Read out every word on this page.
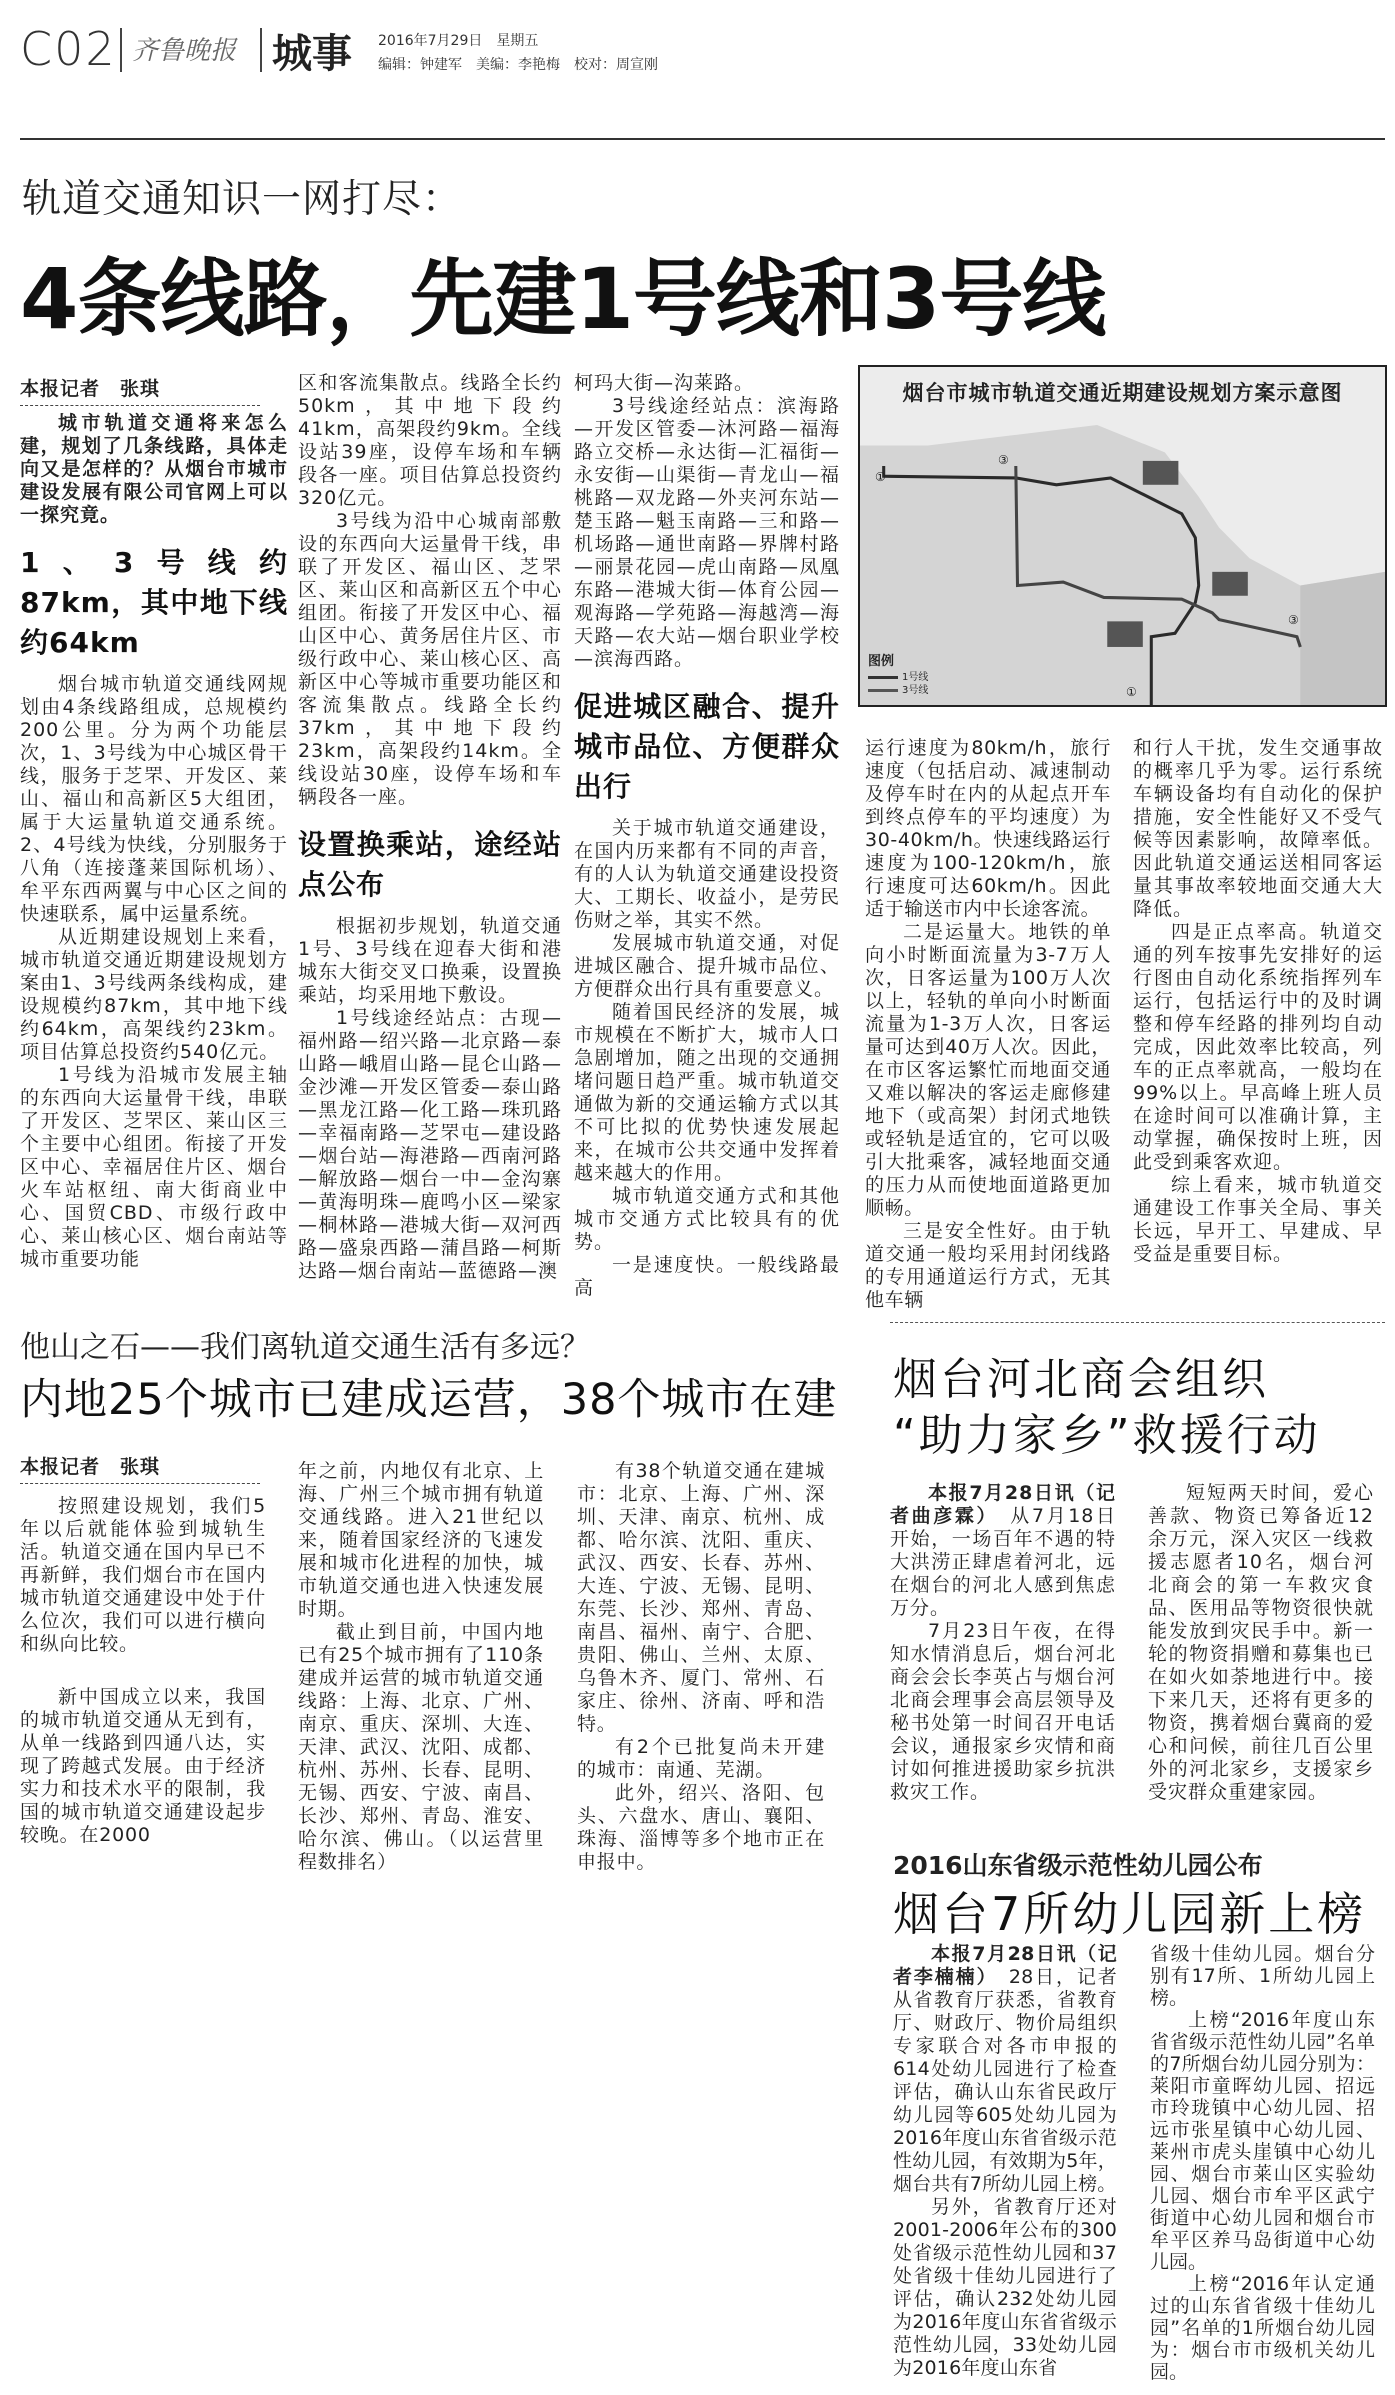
C02 齐鲁晚报 城事 2016年7月29日　星期五
编辑：钟建军　美编：李艳梅　校对：周宣刚
轨道交通知识一网打尽：
4条线路，先建1号线和3号线
本报记者　张琪

城市轨道交通将来怎么建，规划了几条线路，具体走向又是怎样的？从烟台市城市建设发展有限公司官网上可以一探究竟。

1、3号线约87km，其中地下线约64km

烟台城市轨道交通线网规划由4条线路组成，总规模约200公里。分为两个功能层次，1、3号线为中心城区骨干线，服务于芝罘、开发区、莱山、福山和高新区5大组团，属于大运量轨道交通系统。2、4号线为快线，分别服务于八角（连接蓬莱国际机场）、牟平东西两翼与中心区之间的快速联系，属中运量系统。

从近期建设规划上来看，城市轨道交通近期建设规划方案由1、3号线两条线构成，建设规模约87km，其中地下线约64km，高架线约23km。项目估算总投资约540亿元。

1号线为沿城市发展主轴的东西向大运量骨干线，串联了开发区、芝罘区、莱山区三个主要中心组团。衔接了开发区中心、幸福居住片区、烟台火车站枢纽、南大街商业中心、国贸CBD、市级行政中心、莱山核心区、烟台南站等城市重要功能

区和客流集散点。线路全长约50km，其中地下段约41km，高架段约9km。全线设站39座，设停车场和车辆段各一座。项目估算总投资约320亿元。

3号线为沿中心城南部敷设的东西向大运量骨干线，串联了开发区、福山区、芝罘区、莱山区和高新区五个中心组团。衔接了开发区中心、福山区中心、黄务居住片区、市级行政中心、莱山核心区、高新区中心等城市重要功能区和客流集散点。线路全长约37km，其中地下段约23km，高架段约14km。全线设站30座，设停车场和车辆段各一座。

设置换乘站，途经站点公布

根据初步规划，轨道交通1号、3号线在迎春大街和港城东大街交叉口换乘，设置换乘站，均采用地下敷设。

1号线途经站点：古现—福州路—绍兴路—北京路—泰山路—峨眉山路—昆仑山路—金沙滩—开发区管委—泰山路—黑龙江路—化工路—珠玑路—幸福南路—芝罘屯—建设路—烟台站—海港路—西南河路—解放路—烟台一中—金沟寨—黄海明珠—鹿鸣小区—梁家—桐林路—港城大街—双河西路—盛泉西路—蒲昌路—柯斯达路—烟台南站—蓝德路—澳

柯玛大街—沟莱路。

3号线途经站点：滨海路—开发区管委—沐河路—福海路立交桥—永达街—汇福街—永安街—山渠街—青龙山—福桃路—双龙路—外夹河东站—楚玉路—魁玉南路—三和路—机场路—通世南路—界牌村路—丽景花园—虎山南路—凤凰东路—港城大街—体育公园—观海路—学苑路—海越湾—海天路—农大站—烟台职业学校—滨海西路。

促进城区融合、提升城市品位、方便群众出行

关于城市轨道交通建设，在国内历来都有不同的声音，有的人认为轨道交通建设投资大、工期长、收益小，是劳民伤财之举，其实不然。

发展城市轨道交通，对促进城区融合、提升城市品位、方便群众出行具有重要意义。

随着国民经济的发展，城市规模在不断扩大，城市人口急剧增加，随之出现的交通拥堵问题日趋严重。城市轨道交通做为新的交通运输方式以其不可比拟的优势快速发展起来，在城市公共交通中发挥着越来越大的作用。

城市轨道交通方式和其他城市交通方式比较具有的优势。

一是速度快。一般线路最高

运行速度为80km/h，旅行速度（包括启动、减速制动及停车时在内的从起点开车到终点停车的平均速度）为30-40km/h。快速线路运行速度为100-120km/h，旅行速度可达60km/h。因此适于输送市内中长途客流。

二是运量大。地铁的单向小时断面流量为3-7万人次，日客运量为100万人次以上，轻轨的单向小时断面流量为1-3万人次，日客运量可达到40万人次。因此，在市区客运繁忙而地面交通又难以解决的客运走廊修建地下（或高架）封闭式地铁或轻轨是适宜的，它可以吸引大批乘客，减轻地面交通的压力从而使地面道路更加顺畅。

三是安全性好。由于轨道交通一般均采用封闭线路的专用通道运行方式，无其他车辆

和行人干扰，发生交通事故的概率几乎为零。运行系统车辆设备均有自动化的保护措施，安全性能好又不受气候等因素影响，故障率低。因此轨道交通运送相同客运量其事故率较地面交通大大降低。

四是正点率高。轨道交通的列车按事先安排好的运行图由自动化系统指挥列车运行，包括运行中的及时调整和停车经路的排列均自动完成，因此效率比较高，列车的正点率就高，一般均在99%以上。早高峰上班人员在途时间可以准确计算，主动掌握，确保按时上班，因此受到乘客欢迎。

综上看来，城市轨道交通建设工作事关全局、事关长远，早开工、早建成、早受益是重要目标。

①
③
①
③
烟台市城市轨道交通近期建设规划方案示意图
图例
1号线
3号线
他山之石——我们离轨道交通生活有多远？
内地25个城市已建成运营，38个城市在建
本报记者　张琪

按照建设规划，我们5年以后就能体验到城轨生活。轨道交通在国内早已不再新鲜，我们烟台市在国内城市轨道交通建设中处于什么位次，我们可以进行横向和纵向比较。

新中国成立以来，我国的城市轨道交通从无到有，从单一线路到四通八达，实现了跨越式发展。由于经济实力和技术水平的限制，我国的城市轨道交通建设起步较晚。在2000

年之前，内地仅有北京、上海、广州三个城市拥有轨道交通线路。进入21世纪以来，随着国家经济的飞速发展和城市化进程的加快，城市轨道交通也进入快速发展时期。

截止到目前，中国内地已有25个城市拥有了110条建成并运营的城市轨道交通线路：上海、北京、广州、南京、重庆、深圳、大连、天津、武汉、沈阳、成都、杭州、苏州、长春、昆明、无锡、西安、宁波、南昌、长沙、郑州、青岛、淮安、哈尔滨、佛山。（以运营里程数排名）

有38个轨道交通在建城市：北京、上海、广州、深圳、天津、南京、杭州、成都、哈尔滨、沈阳、重庆、武汉、西安、长春、苏州、大连、宁波、无锡、昆明、东莞、长沙、郑州、青岛、南昌、福州、南宁、合肥、贵阳、佛山、兰州、太原、乌鲁木齐、厦门、常州、石家庄、徐州、济南、呼和浩特。

有2个已批复尚未开建的城市：南通、芜湖。

此外，绍兴、洛阳、包头、六盘水、唐山、襄阳、珠海、淄博等多个地市正在申报中。

烟台河北商会组织
“助力家乡”救援行动

本报7月28日讯（记者曲彦霖）　从7月18日开始，一场百年不遇的特大洪涝正肆虐着河北，远在烟台的河北人感到焦虑万分。

7月23日午夜，在得知水情消息后，烟台河北商会会长李英占与烟台河北商会理事会高层领导及秘书处第一时间召开电话会议，通报家乡灾情和商讨如何推进援助家乡抗洪救灾工作。

短短两天时间，爱心善款、物资已筹备近12余万元，深入灾区一线救援志愿者10名，烟台河北商会的第一车救灾食品、医用品等物资很快就能发放到灾民手中。新一轮的物资捐赠和募集也已在如火如荼地进行中。接下来几天，还将有更多的物资，携着烟台冀商的爱心和问候，前往几百公里外的河北家乡，支援家乡受灾群众重建家园。

2016山东省级示范性幼儿园公布
烟台7所幼儿园新上榜

本报7月28日讯（记者李楠楠）　28日，记者从省教育厅获悉，省教育厅、财政厅、物价局组织专家联合对各市申报的614处幼儿园进行了检查评估，确认山东省民政厅幼儿园等605处幼儿园为2016年度山东省省级示范性幼儿园，有效期为5年，烟台共有7所幼儿园上榜。

另外，省教育厅还对2001-2006年公布的300处省级示范性幼儿园和37处省级十佳幼儿园进行了评估，确认232处幼儿园为2016年度山东省省级示范性幼儿园，33处幼儿园为2016年度山东省

省级十佳幼儿园。烟台分别有17所、1所幼儿园上榜。

上榜“2016年度山东省省级示范性幼儿园”名单的7所烟台幼儿园分别为：莱阳市童晖幼儿园、招远市玲珑镇中心幼儿园、招远市张星镇中心幼儿园、莱州市虎头崖镇中心幼儿园、烟台市莱山区实验幼儿园、烟台市牟平区武宁街道中心幼儿园和烟台市牟平区养马岛街道中心幼儿园。

上榜“2016年认定通过的山东省省级十佳幼儿园”名单的1所烟台幼儿园为：烟台市市级机关幼儿园。
